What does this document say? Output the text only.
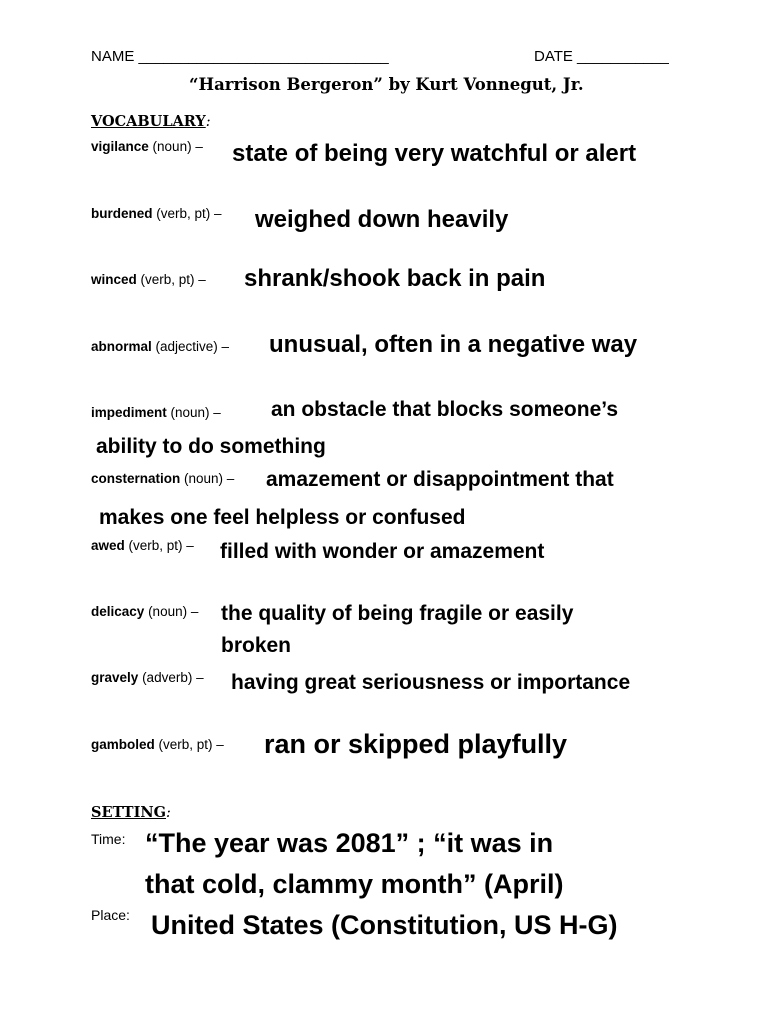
NAME ______________________________	DATE ___________
“Harrison Bergeron” by Kurt Vonnegut, Jr.
VOCABULARY:
vigilance (noun) – state of being very watchful or alert
burdened (verb, pt) – weighed down heavily
winced (verb, pt) – shrank/shook back in pain
abnormal (adjective) – unusual, often in a negative way
impediment (noun) – an obstacle that blocks someone’s
ability to do something
consternation (noun) – amazement or disappointment that
makes one feel helpless or confused
awed (verb, pt) – filled with wonder or amazement
delicacy (noun) – the quality of being fragile or easily
broken
gravely (adverb) – having great seriousness or importance
gamboled (verb, pt) – ran or skipped playfully
SETTING:
Time: “The year was 2081” ; “it was in
that cold, clammy month” (April)
Place: United States (Constitution, US H-G)
